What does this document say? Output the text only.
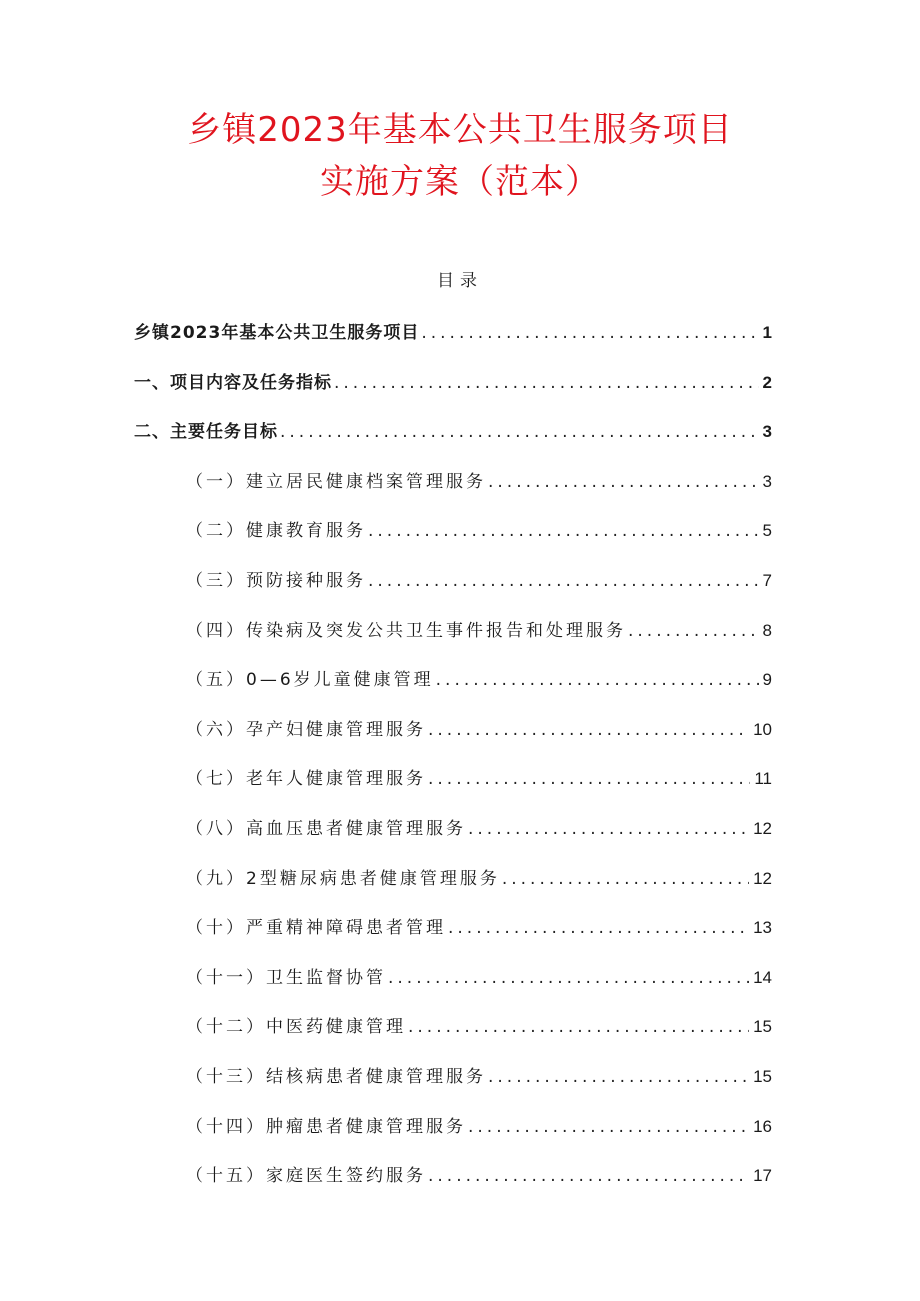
乡镇2023年基本公共卫生服务项目
实施方案（范本）
目录
乡镇2023年基本公共卫生服务项目 .....	1
一、项目内容及任务指标 .....	2
二、主要任务目标 .....	3
（一）建立居民健康档案管理服务 .....	3
（二）健康教育服务 .....	5
（三）预防接种服务 .....	7
（四）传染病及突发公共卫生事件报告和处理服务 .....	8
（五）0—6岁儿童健康管理 .....	9
（六）孕产妇健康管理服务 .....	10
（七）老年人健康管理服务 .....	11
（八）高血压患者健康管理服务 .....	12
（九）2型糖尿病患者健康管理服务 .....	12
（十）严重精神障碍患者管理 .....	13
（十一）卫生监督协管 .....	14
（十二）中医药健康管理 .....	15
（十三）结核病患者健康管理服务 .....	15
（十四）肿瘤患者健康管理服务 .....	16
（十五）家庭医生签约服务 .....	17
